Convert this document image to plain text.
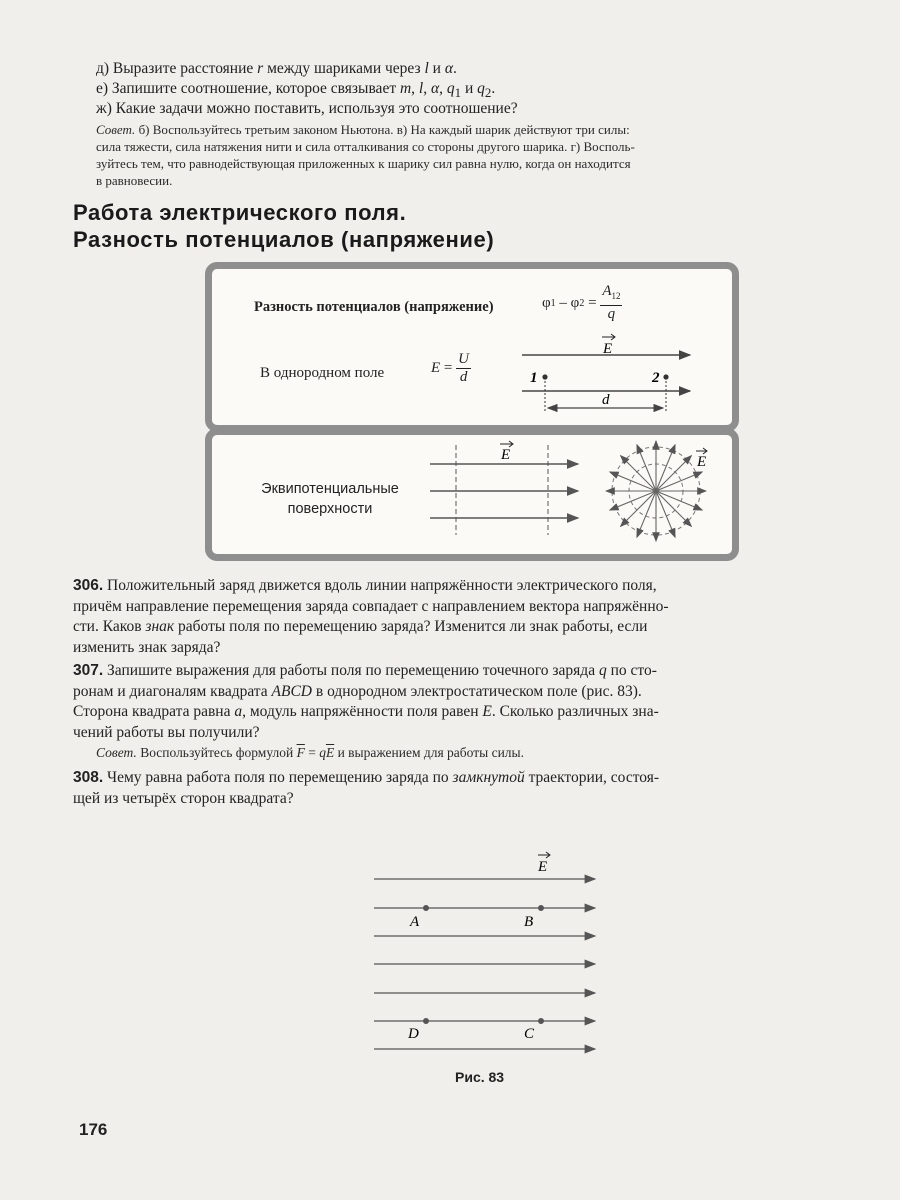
д) Выразите расстояние r между шариками через l и α.
е) Запишите соотношение, которое связывает m, l, α, $q_1$ и $q_2$.
ж) Какие задачи можно поставить, используя это соотношение?
Совет. б) Воспользуйтесь третьим законом Ньютона. в) На каждый шарик действуют три силы:
сила тяжести, сила натяжения нити и сила отталкивания со стороны другого шарика. г) Восполь-
зуйтесь тем, что равнодействующая приложенных к шарику сил равна нулю, когда он находится
в равновесии.
Работа электрического поля.
Разность потенциалов (напряжение)
Разность потенциалов (напряжение)	φ 1 – φ $2 = \frac{A_{12}}{q}$
В однородном поле	$E = \frac{U}{d}$
E
1	2
d
Эквипотенциальные
поверхности
E	E
306. Положительный заряд движется вдоль линии напряжённости электрического поля,
причём направление перемещения заряда совпадает с направлением вектора напряжённо-
сти. Каков знак работы поля по перемещению заряда? Изменится ли знак работы, если
изменить знак заряда?
307. Запишите выражения для работы поля по перемещению точечного заряда q по сто-
ронам и диагоналям квадрата ABCD в однородном электростатическом поле (рис. 83).
Сторона квадрата равна a, модуль напряжённости поля равен E. Сколько различных зна-
чений работы вы получили?
Совет. Воспользуйтесь формулой $\overline{F} = q\overline{E}$ и выражением для работы силы.
308. Чему равна работа поля по перемещению заряда по замкнутой траектории, состоя-
щей из четырёх сторон квадрата?
E
A	B
D	C
Рис. 83
176
